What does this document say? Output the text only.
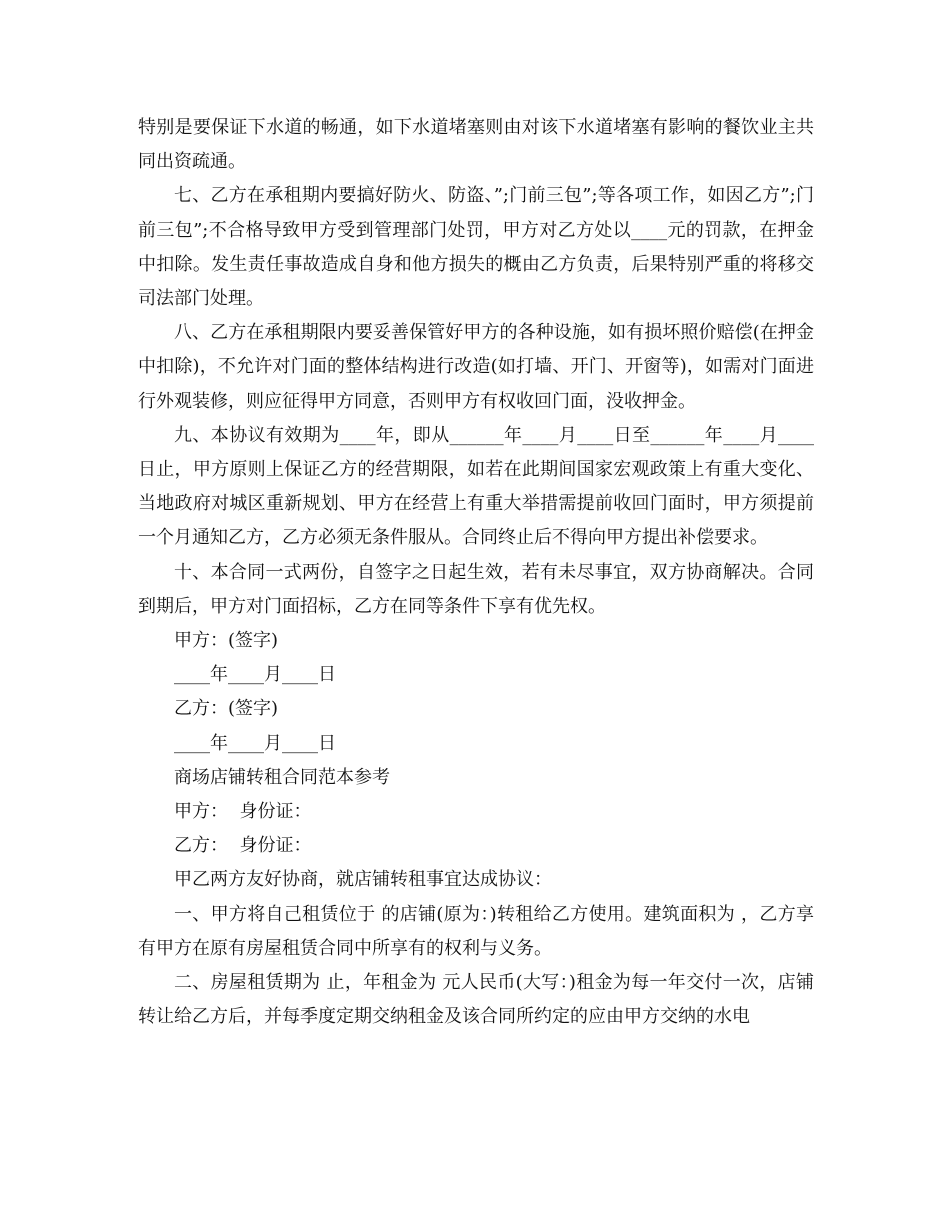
特别是要保证下水道的畅通，如下水道堵塞则由对该下水道堵塞有影响的餐饮业主共同出资疏通。

七、乙方在承租期内要搞好防火、防盗、”;门前三包”;等各项工作，如因乙方”;门前三包”;不合格导致甲方受到管理部门处罚，甲方对乙方处以____元的罚款，在押金中扣除。发生责任事故造成自身和他方损失的概由乙方负责，后果特别严重的将移交司法部门处理。

八、乙方在承租期限内要妥善保管好甲方的各种设施，如有损坏照价赔偿(在押金中扣除)，不允许对门面的整体结构进行改造(如打墙、开门、开窗等)，如需对门面进行外观装修，则应征得甲方同意，否则甲方有权收回门面，没收押金。

九、本协议有效期为____年，即从______年____月____日至______年____月____日止，甲方原则上保证乙方的经营期限，如若在此期间国家宏观政策上有重大变化、当地政府对城区重新规划、甲方在经营上有重大举措需提前收回门面时，甲方须提前一个月通知乙方，乙方必须无条件服从。合同终止后不得向甲方提出补偿要求。

十、本合同一式两份，自签字之日起生效，若有未尽事宜，双方协商解决。合同到期后，甲方对门面招标，乙方在同等条件下享有优先权。

甲方：(签字)

____年____月____日

乙方：(签字)

____年____月____日

商场店铺转租合同范本参考

甲方：  身份证：

乙方：  身份证：

甲乙两方友好协商，就店铺转租事宜达成协议：

一、甲方将自己租赁位于 的店铺(原为：)转租给乙方使用。建筑面积为 ，乙方享有甲方在原有房屋租赁合同中所享有的权利与义务。

二、房屋租赁期为 止，年租金为 元人民币(大写：)租金为每一年交付一次，店铺转让给乙方后，并每季度定期交纳租金及该合同所约定的应由甲方交纳的水电
